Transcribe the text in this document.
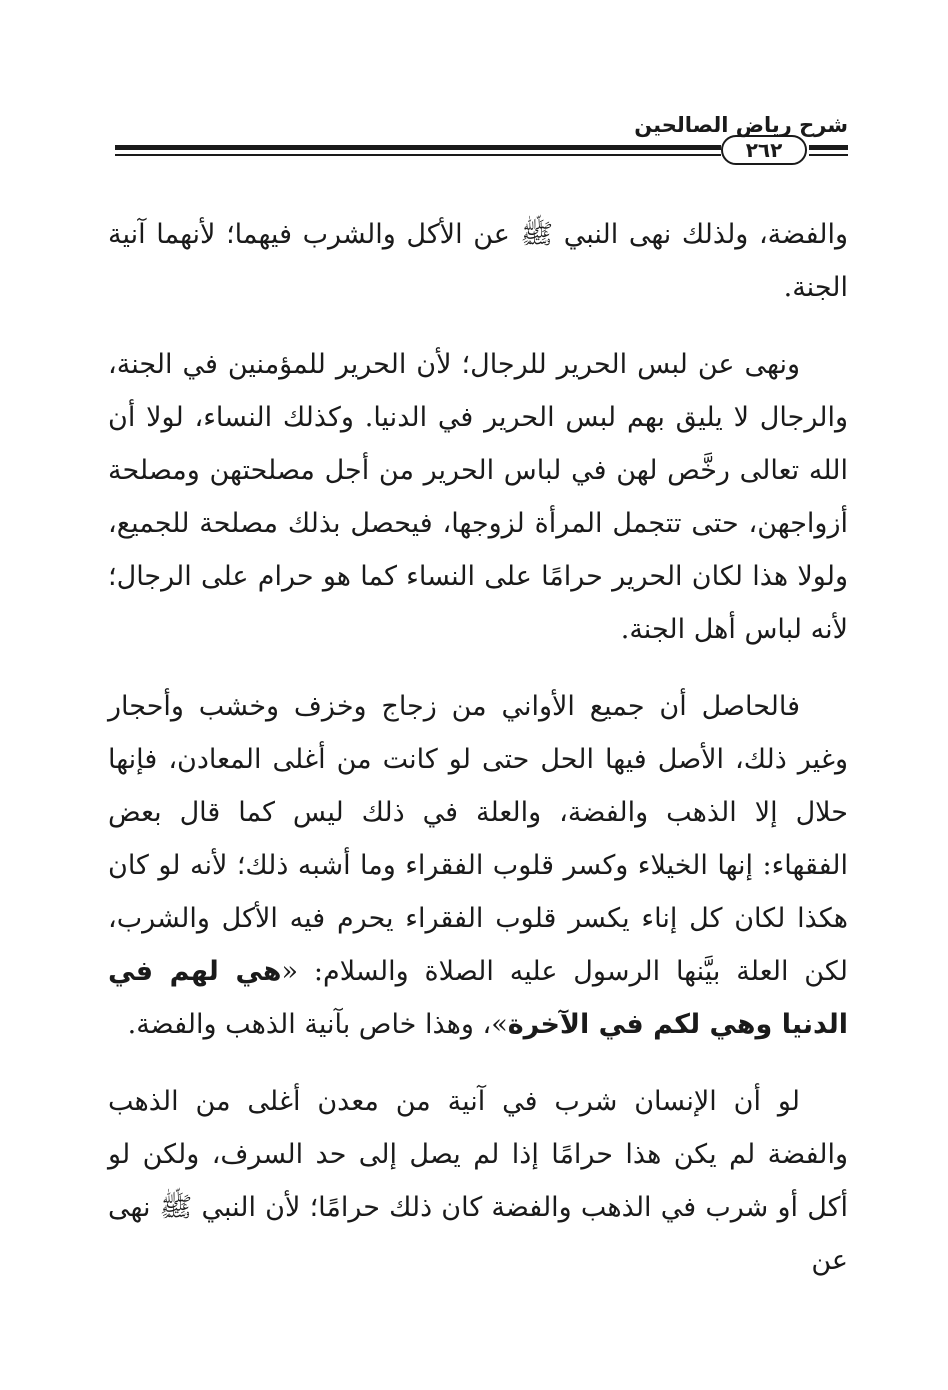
شرح رياض الصالحين
٢٦٢

والفضة، ولذلك نهى النبي ﷺ عن الأكل والشرب فيهما؛ لأنهما آنية الجنة.

ونهى عن لبس الحرير للرجال؛ لأن الحرير للمؤمنين في الجنة، والرجال لا يليق بهم لبس الحرير في الدنيا. وكذلك النساء، لولا أن الله تعالى رخَّص لهن في لباس الحرير من أجل مصلحتهن ومصلحة أزواجهن، حتى تتجمل المرأة لزوجها، فيحصل بذلك مصلحة للجميع، ولولا هذا لكان الحرير حرامًا على النساء كما هو حرام على الرجال؛ لأنه لباس أهل الجنة.

فالحاصل أن جميع الأواني من زجاج وخزف وخشب وأحجار وغير ذلك، الأصل فيها الحل حتى لو كانت من أغلى المعادن، فإنها حلال إلا الذهب والفضة، والعلة في ذلك ليس كما قال بعض الفقهاء: إنها الخيلاء وكسر قلوب الفقراء وما أشبه ذلك؛ لأنه لو كان هكذا لكان كل إناء يكسر قلوب الفقراء يحرم فيه الأكل والشرب، لكن العلة بيَّنها الرسول عليه الصلاة والسلام: «هي لهم في الدنيا وهي لكم في الآخرة»، وهذا خاص بآنية الذهب والفضة.

لو أن الإنسان شرب في آنية من معدن أغلى من الذهب والفضة لم يكن هذا حرامًا إذا لم يصل إلى حد السرف، ولكن لو أكل أو شرب في الذهب والفضة كان ذلك حرامًا؛ لأن النبي ﷺ نهى عن
